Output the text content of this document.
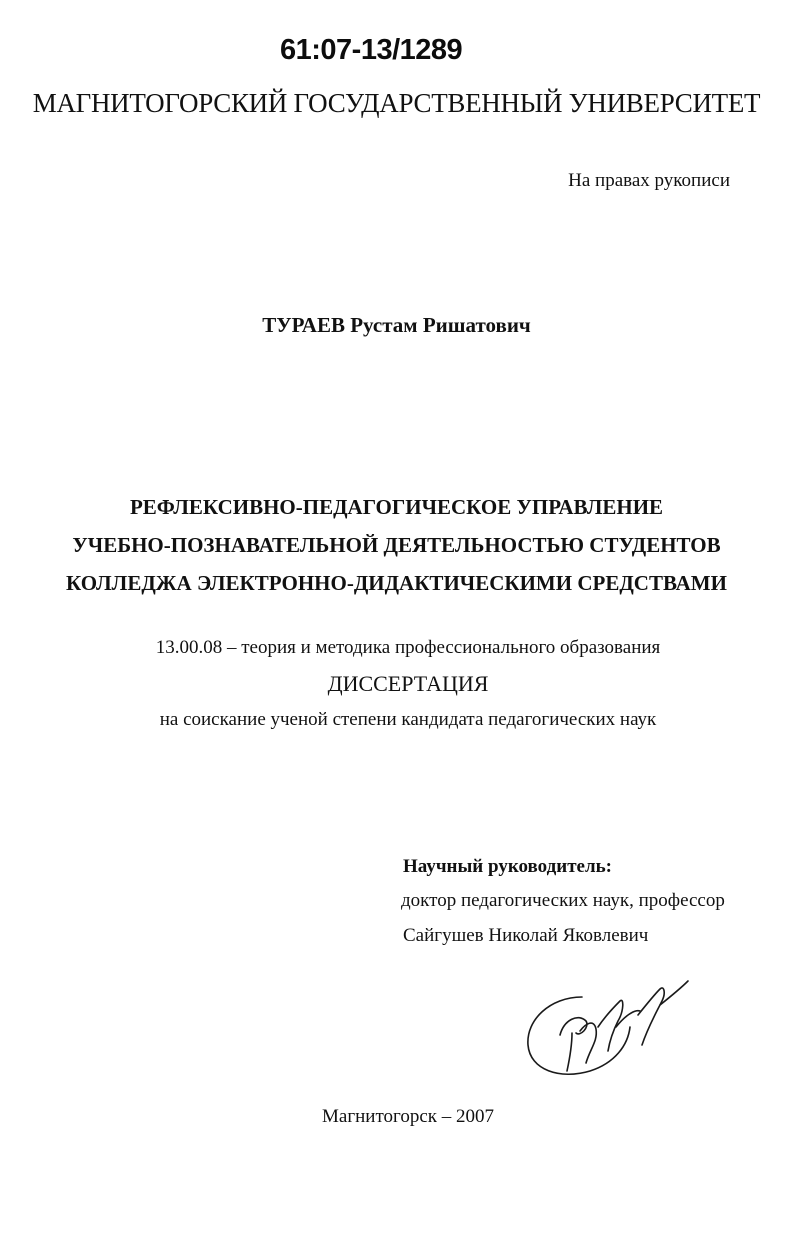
61:07-13/1289
МАГНИТОГОРСКИЙ ГОСУДАРСТВЕННЫЙ УНИВЕРСИТЕТ
На правах рукописи
ТУРАЕВ Рустам Ришатович
РЕФЛЕКСИВНО-ПЕДАГОГИЧЕСКОЕ УПРАВЛЕНИЕ
УЧЕБНО-ПОЗНАВАТЕЛЬНОЙ ДЕЯТЕЛЬНОСТЬЮ СТУДЕНТОВ
КОЛЛЕДЖА ЭЛЕКТРОННО-ДИДАКТИЧЕСКИМИ СРЕДСТВАМИ
13.00.08 – теория и методика профессионального образования
ДИССЕРТАЦИЯ
на соискание ученой степени кандидата педагогических наук
Научный руководитель:
доктор педагогических наук, профессор
Сайгушев Николай Яковлевич
Магнитогорск – 2007
